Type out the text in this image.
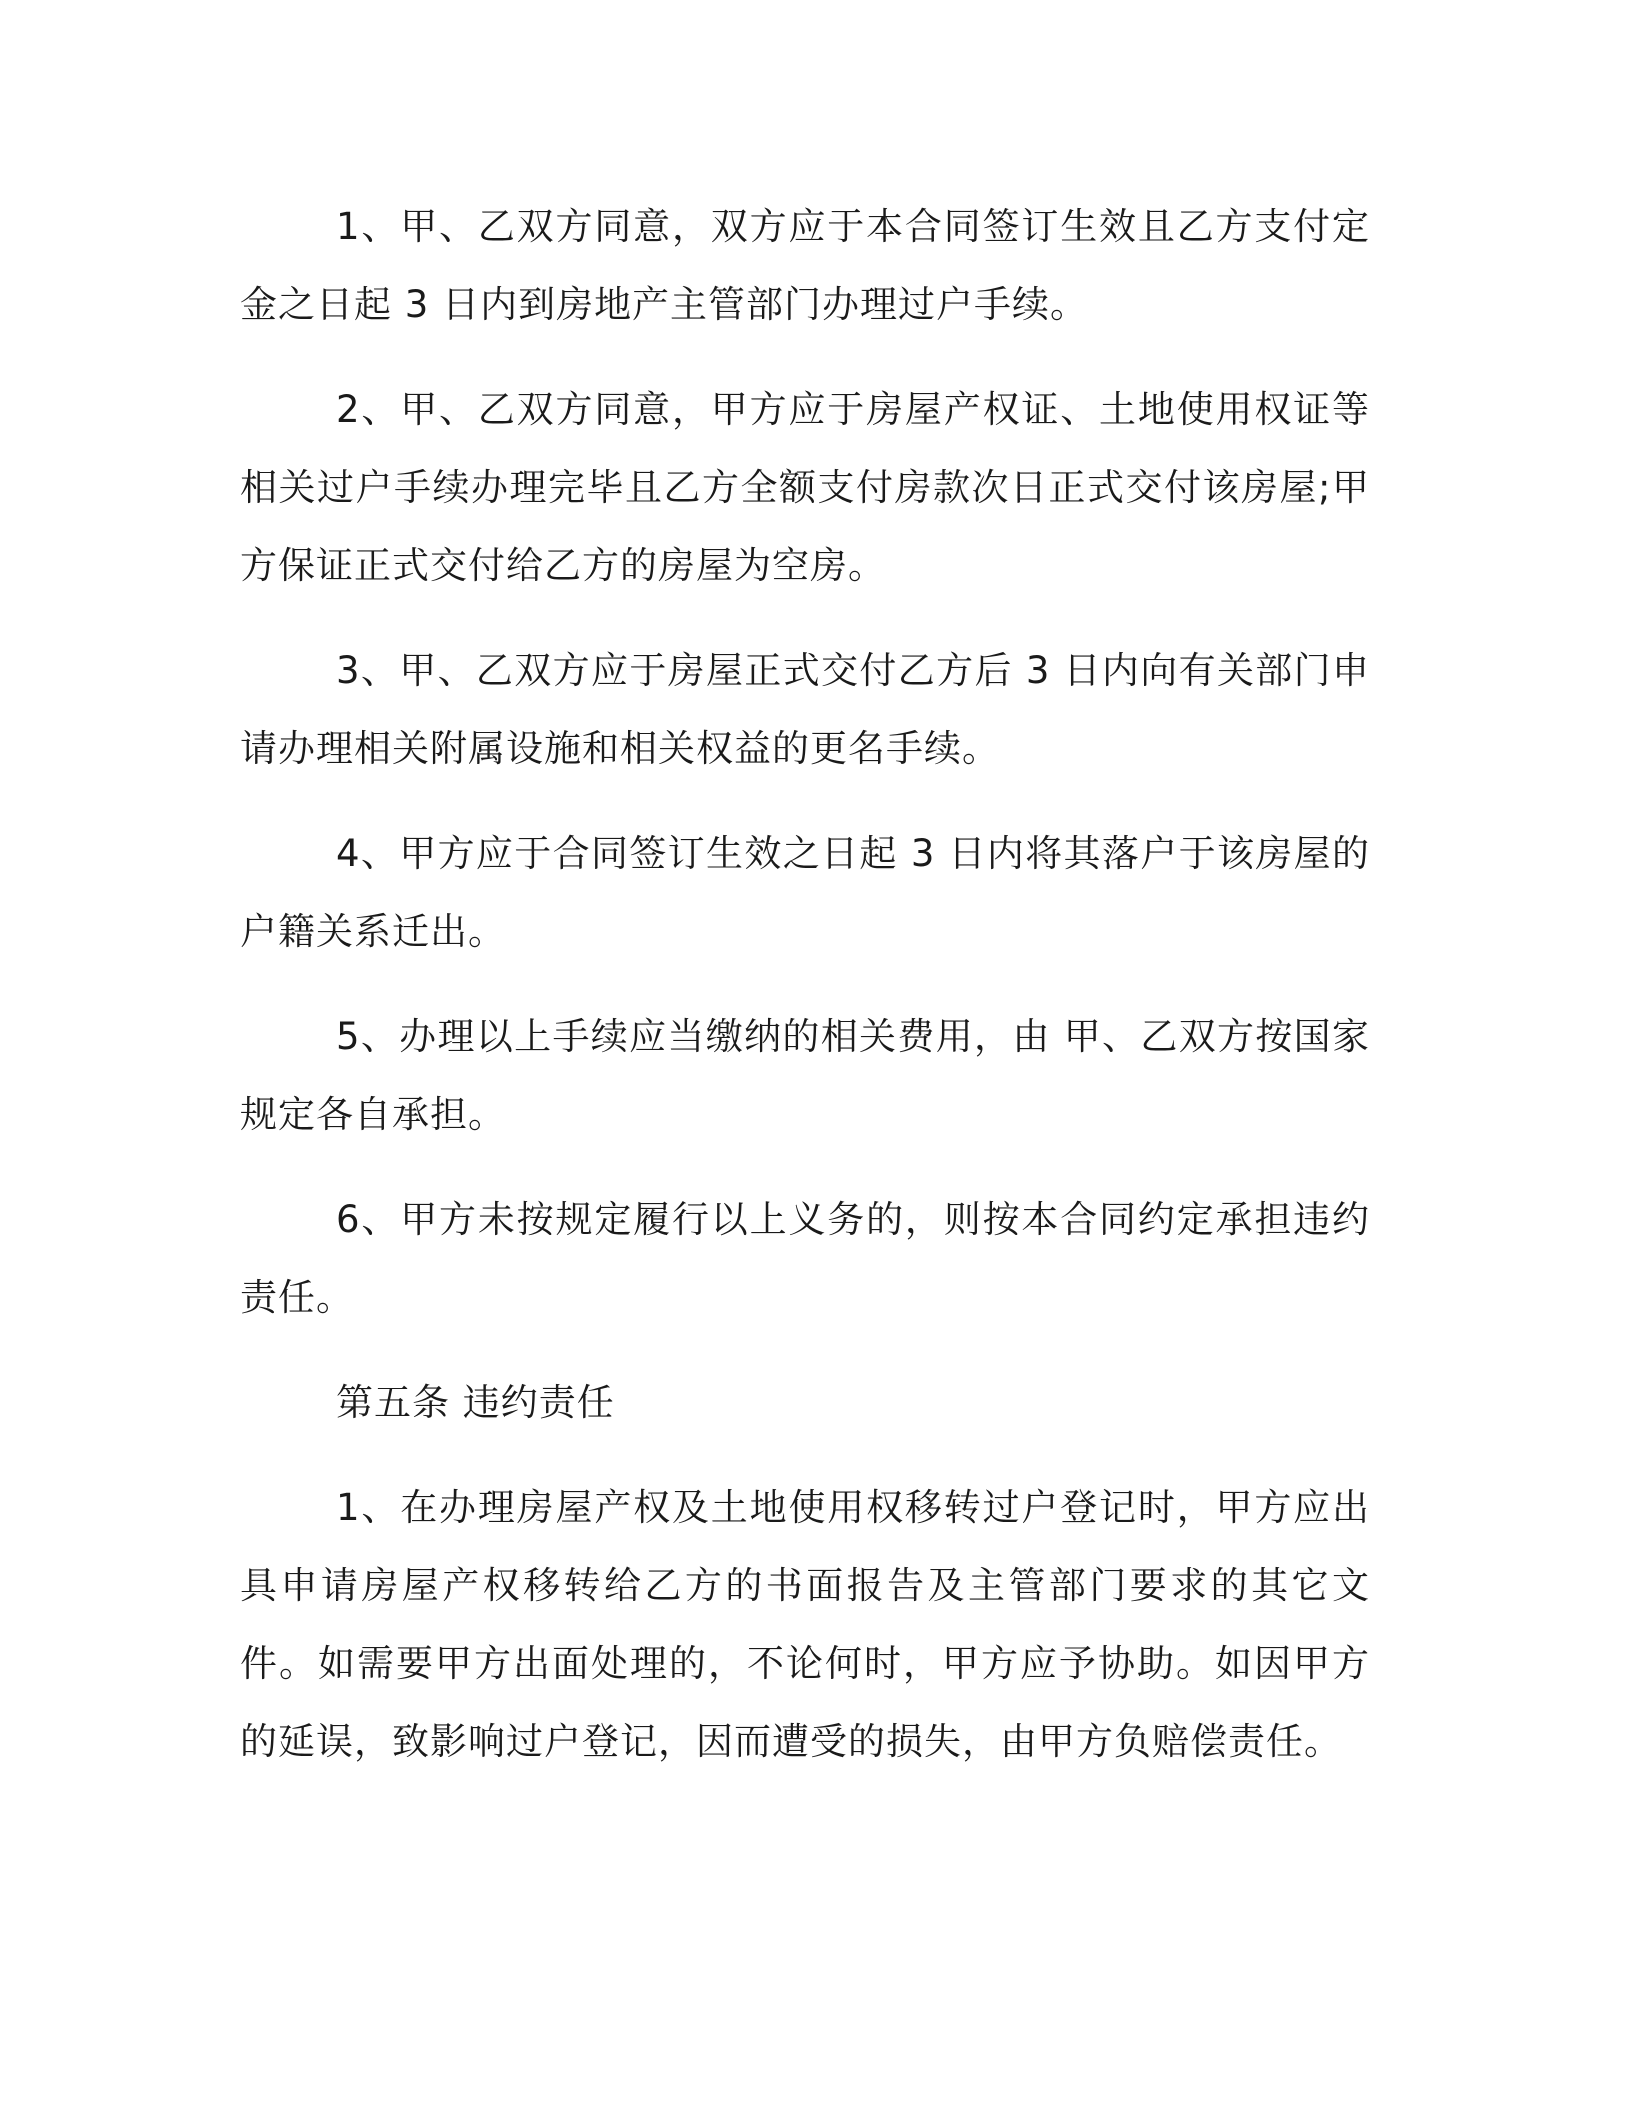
1、甲、乙双方同意，双方应于本合同签订生效且乙方支付定金之日起 3 日内到房地产主管部门办理过户手续。

2、甲、乙双方同意，甲方应于房屋产权证、土地使用权证等相关过户手续办理完毕且乙方全额支付房款次日正式交付该房屋;甲方保证正式交付给乙方的房屋为空房。

3、甲、乙双方应于房屋正式交付乙方后 3 日内向有关部门申请办理相关附属设施和相关权益的更名手续。

4、甲方应于合同签订生效之日起 3 日内将其落户于该房屋的户籍关系迁出。

5、办理以上手续应当缴纳的相关费用，由 甲、乙双方按国家规定各自承担。

6、甲方未按规定履行以上义务的，则按本合同约定承担违约责任。

第五条 违约责任

1、在办理房屋产权及土地使用权移转过户登记时，甲方应出具申请房屋产权移转给乙方的书面报告及主管部门要求的其它文件。如需要甲方出面处理的，不论何时，甲方应予协助。如因甲方的延误，致影响过户登记，因而遭受的损失，由甲方负赔偿责任。
